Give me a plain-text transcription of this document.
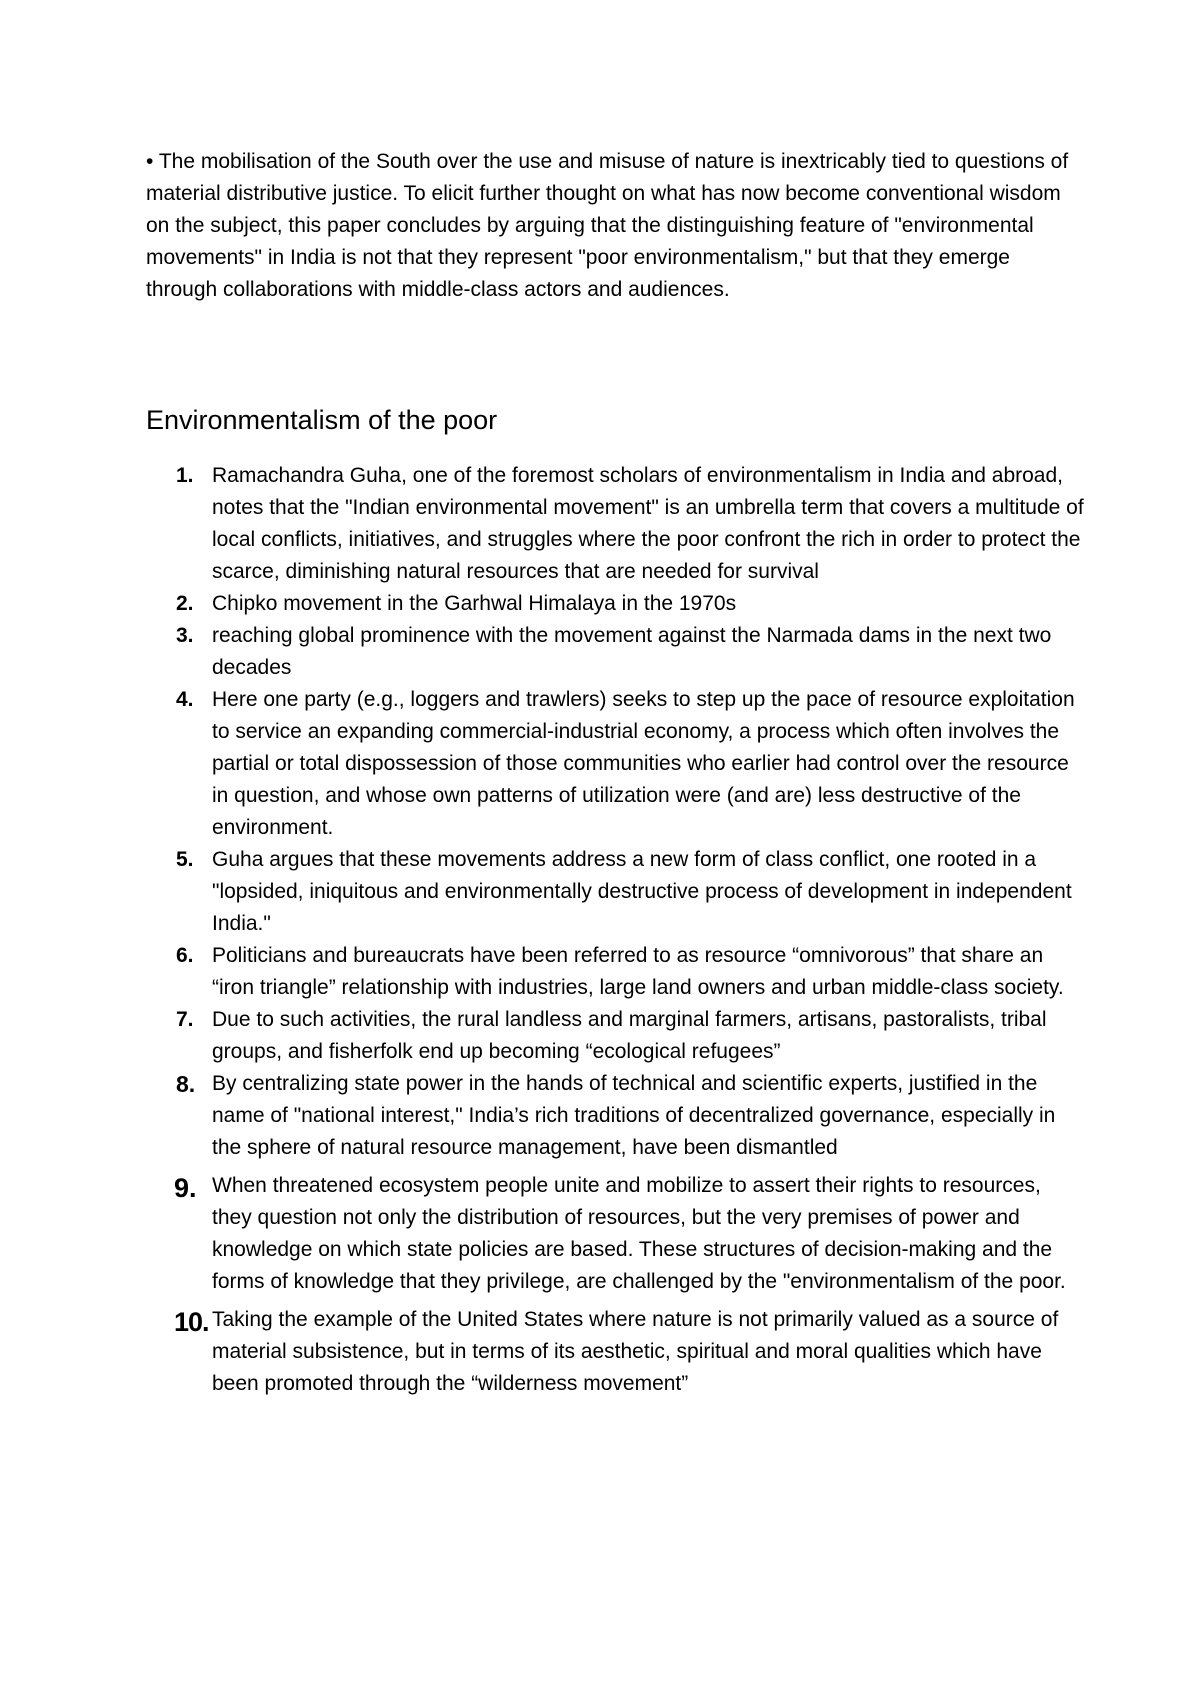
• The mobilisation of the South over the use and misuse of nature is inextricably tied to questions of material distributive justice. To elicit further thought on what has now become conventional wisdom on the subject, this paper concludes by arguing that the distinguishing feature of "environmental movements" in India is not that they represent "poor environmentalism," but that they emerge through collaborations with middle-class actors and audiences.

Environmentalism of the poor
1. Ramachandra Guha, one of the foremost scholars of environmentalism in India and abroad, notes that the "Indian environmental movement" is an umbrella term that covers a multitude of local conflicts, initiatives, and struggles where the poor confront the rich in order to protect the scarce, diminishing natural resources that are needed for survival
2. Chipko movement in the Garhwal Himalaya in the 1970s
3. reaching global prominence with the movement against the Narmada dams in the next two decades
4. Here one party (e.g., loggers and trawlers) seeks to step up the pace of resource exploitation to service an expanding commercial-industrial economy, a process which often involves the partial or total dispossession of those communities who earlier had control over the resource in question, and whose own patterns of utilization were (and are) less destructive of the environment.
5. Guha argues that these movements address a new form of class conflict, one rooted in a "lopsided, iniquitous and environmentally destructive process of development in independent India."
6. Politicians and bureaucrats have been referred to as resource “omnivorous” that share an “iron triangle” relationship with industries, large land owners and urban middle-class society.
7. Due to such activities, the rural landless and marginal farmers, artisans, pastoralists, tribal groups, and fisherfolk end up becoming “ecological refugees”
8. By centralizing state power in the hands of technical and scientific experts, justified in the name of "national interest," India’s rich traditions of decentralized governance, especially in the sphere of natural resource management, have been dismantled
9. When threatened ecosystem people unite and mobilize to assert their rights to resources, they question not only the distribution of resources, but the very premises of power and knowledge on which state policies are based. These structures of decision-making and the forms of knowledge that they privilege, are challenged by the "environmentalism of the poor.
10. Taking the example of the United States where nature is not primarily valued as a source of material subsistence, but in terms of its aesthetic, spiritual and moral qualities which have been promoted through the “wilderness movement”
